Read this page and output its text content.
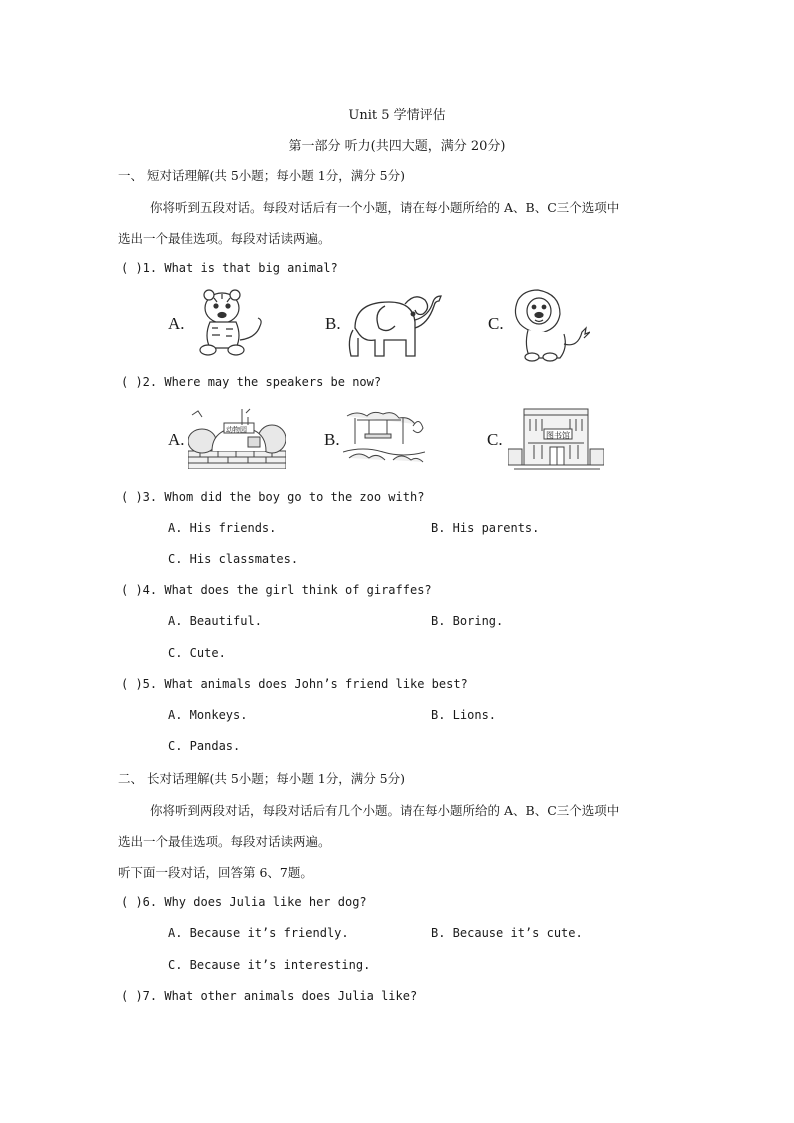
Unit 5 学情评估
第一部分 听力(共四大题，满分 20分)
一、 短对话理解(共 5小题；每小题 1分，满分 5分)
你将听到五段对话。每段对话后有一个小题，请在每小题所给的 A、B、C三个选项中
选出一个最佳选项。每段对话读两遍。
( )1. What is that big animal?
A.	B.	C.
( )2. Where may the speakers be now?
A.	动物园	B.	C.	图书馆
( )3. Whom did the boy go to the zoo with?
A. His friends.	B. His parents.
C. His classmates.
( )4. What does the girl think of giraffes?
A. Beautiful.	B. Boring.
C. Cute.
( )5. What animals does John’s friend like best?
A. Monkeys.	B. Lions.
C. Pandas.
二、 长对话理解(共 5小题；每小题 1分，满分 5分)
你将听到两段对话，每段对话后有几个小题。请在每小题所给的 A、B、C三个选项中
选出一个最佳选项。每段对话读两遍。
听下面一段对话，回答第 6、7题。
( )6. Why does Julia like her dog?
A. Because it’s friendly.	B. Because it’s cute.
C. Because it’s interesting.
( )7. What other animals does Julia like?
